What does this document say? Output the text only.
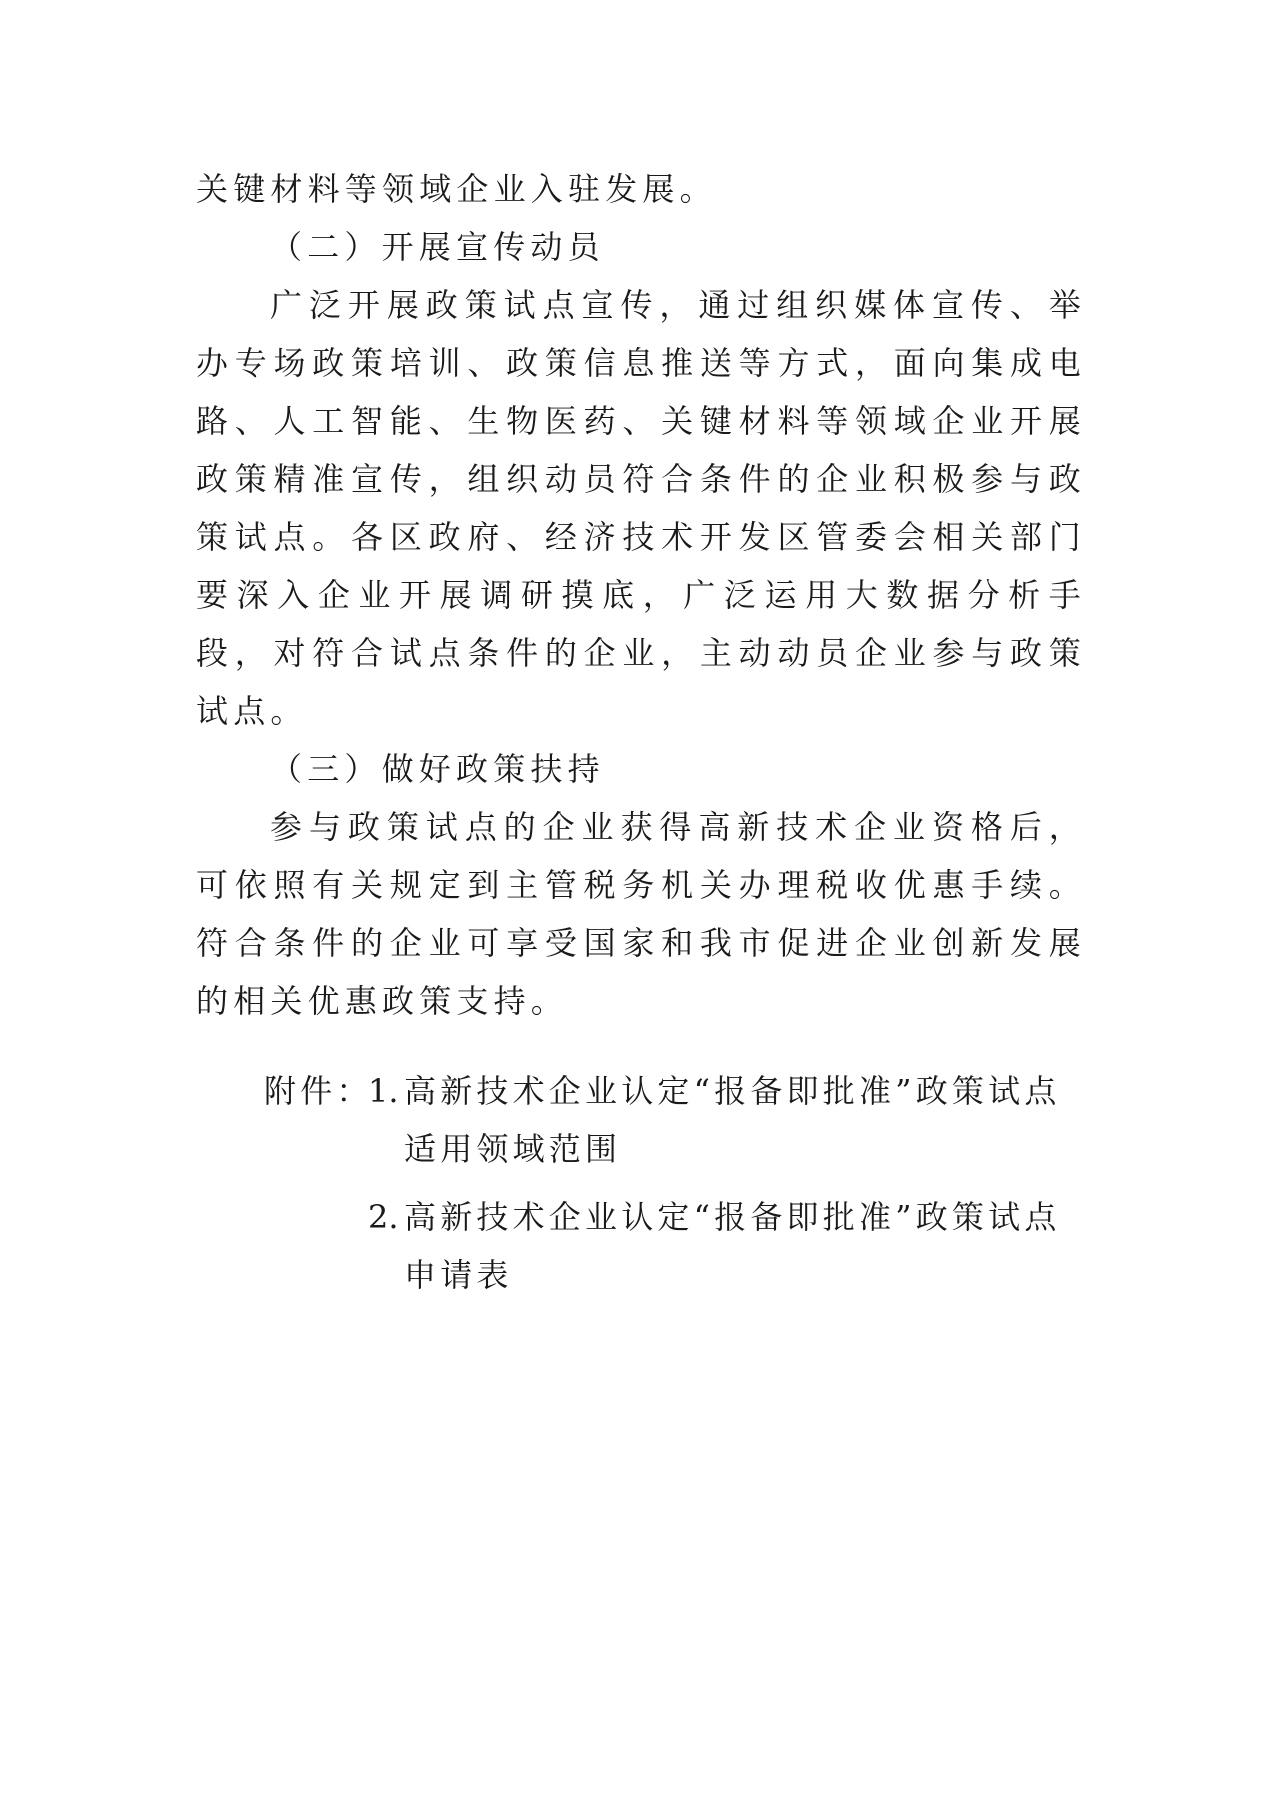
关键材料等领域企业入驻发展。

（二）开展宣传动员

广泛开展政策试点宣传，通过组织媒体宣传、举办专场政策培训、政策信息推送等方式，面向集成电路、人工智能、生物医药、关键材料等领域企业开展政策精准宣传，组织动员符合条件的企业积极参与政策试点。各区政府、经济技术开发区管委会相关部门要深入企业开展调研摸底，广泛运用大数据分析手段，对符合试点条件的企业，主动动员企业参与政策试点。

（三）做好政策扶持

参与政策试点的企业获得高新技术企业资格后，可依照有关规定到主管税务机关办理税收优惠手续。符合条件的企业可享受国家和我市促进企业创新发展的相关优惠政策支持。

附件：
1. 高新技术企业认定“报备即批准”政策试点适用领域范围
2. 高新技术企业认定“报备即批准”政策试点申请表
